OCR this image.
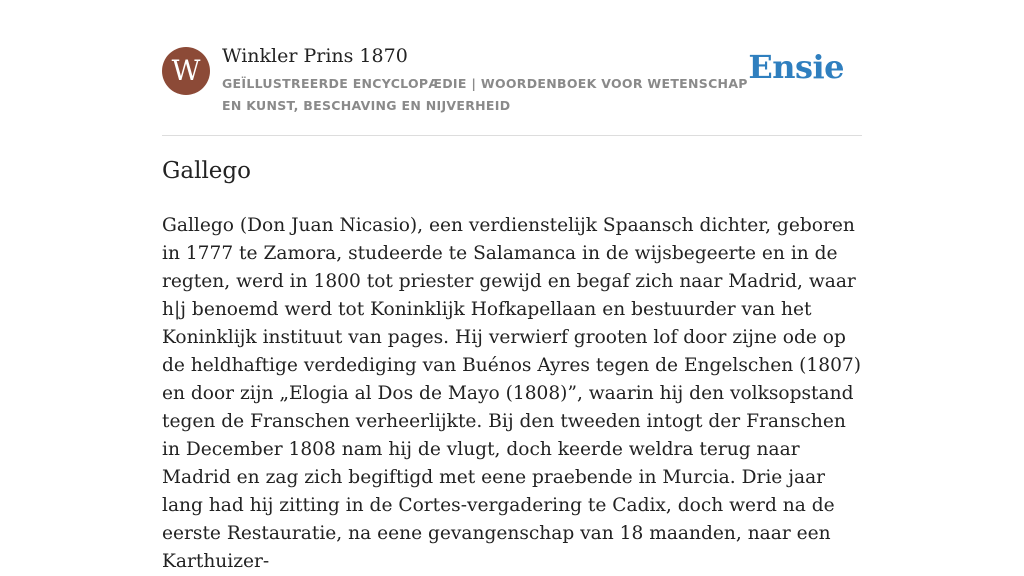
W	Winkler Prins 1870
GEÏLLUSTREERDE ENCYCLOPÆDIE | WOORDENBOEK VOOR WETENSCHAP EN KUNST, BESCHAVING EN NIJVERHEID
Ensie
Gallego

Gallego (Don Juan Nicasio), een verdienstelijk Spaansch dichter, geboren in 1777 te Zamora, studeerde te Salamanca in de wijsbegeerte en in de regten, werd in 1800 tot priester gewijd en begaf zich naar Madrid, waar h|j benoemd werd tot Koninklijk Hofkapellaan en bestuurder van het Koninklijk instituut van pages. Hij verwierf grooten lof door zijne ode op de heldhaftige verdediging van Buénos Ayres tegen de Engelschen (1807) en door zijn „Elogia al Dos de Mayo (1808)”, waarin hij den volksopstand tegen de Franschen verheerlijkte. Bij den tweeden intogt der Franschen in December 1808 nam hij de vlugt, doch keerde weldra terug naar Madrid en zag zich begiftigd met eene praebende in Murcia. Drie jaar lang had hij zitting in de Cortes-vergadering te Cadix, doch werd na de eerste Restauratie, na eene gevangenschap van 18 maanden, naar een Karthuizer-
